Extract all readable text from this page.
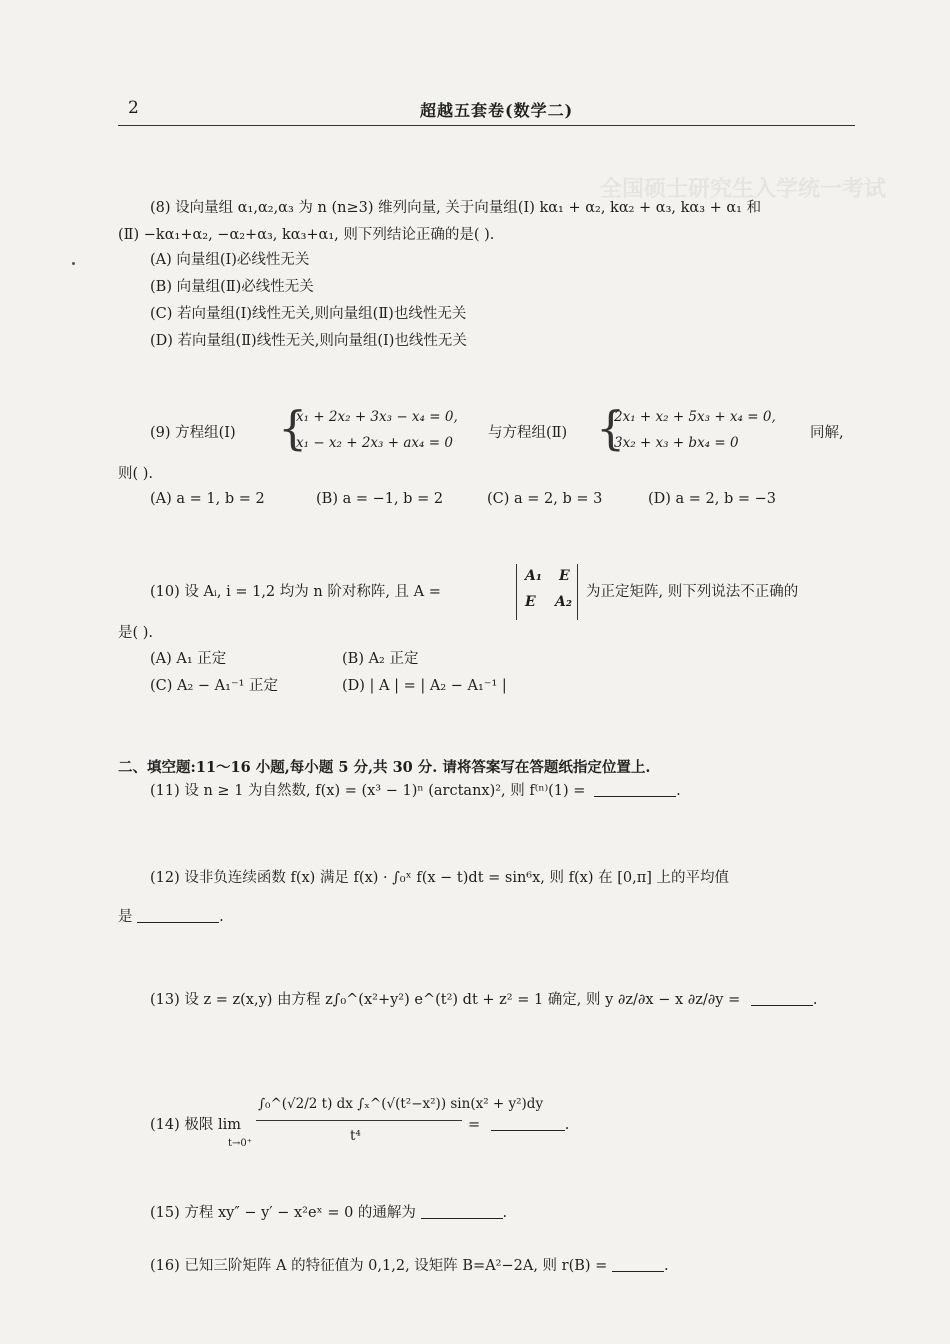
全国硕士研究生入学统一考试
2	超越五套卷(数学二)
(8) 设向量组 α₁,α₂,α₃ 为 n (n≥3) 维列向量, 关于向量组(Ⅰ) kα₁ + α₂, kα₂ + α₃, kα₃ + α₁ 和
(Ⅱ) −kα₁+α₂, −α₂+α₃, kα₃+α₁, 则下列结论正确的是( ).
(A) 向量组(Ⅰ)必线性无关
(B) 向量组(Ⅱ)必线性无关
(C) 若向量组(Ⅰ)线性无关,则向量组(Ⅱ)也线性无关
(D) 若向量组(Ⅱ)线性无关,则向量组(Ⅰ)也线性无关
(9) 方程组(Ⅰ) {
x₁ + 2x₂ + 3x₃ − x₄ = 0,
x₁ − x₂ + 2x₃ + ax₄ = 0
与方程组(Ⅱ) {
2x₁ + x₂ + 5x₃ + x₄ = 0,
3x₂ + x₃ + bx₄ = 0
同解,
则( ).
(A) a = 1, b = 2	(B) a = −1, b = 2	(C) a = 2, b = 3	(D) a = 2, b = −3
(10) 设 Aᵢ, i = 1,2 均为 n 阶对称阵, 且 A =
A₁ E
E A₂
为正定矩阵, 则下列说法不正确的
是( ).
(A) A₁ 正定	(B) A₂ 正定
(C) A₂ − A₁⁻¹ 正定	(D) | A | = | A₂ − A₁⁻¹ |
二、填空题:11～16 小题,每小题 5 分,共 30 分. 请将答案写在答题纸指定位置上.
(11) 设 n ≥ 1 为自然数, f(x) = (x³ − 1)ⁿ (arctanx)², 则 f⁽ⁿ⁾(1) =	.
(12) 设非负连续函数 f(x) 满足 f(x) · ∫₀ˣ f(x − t)dt = sin⁶x, 则 f(x) 在 [0,π] 上的平均值
是	.
(13) 设 z = z(x,y) 由方程 z∫₀^(x²+y²) e^(t²) dt + z² = 1 确定, 则 y ∂z/∂x − x ∂z/∂y =	.
(14) 极限 lim
t→0⁺
∫₀^(√2/2 t) dx ∫ₓ^(√(t²−x²)) sin(x² + y²)dy
t⁴
=	.
(15) 方程 xy″ − y′ − x²eˣ = 0 的通解为	.
(16) 已知三阶矩阵 A 的特征值为 0,1,2, 设矩阵 B=A²−2A, 则 r(B) =	.
